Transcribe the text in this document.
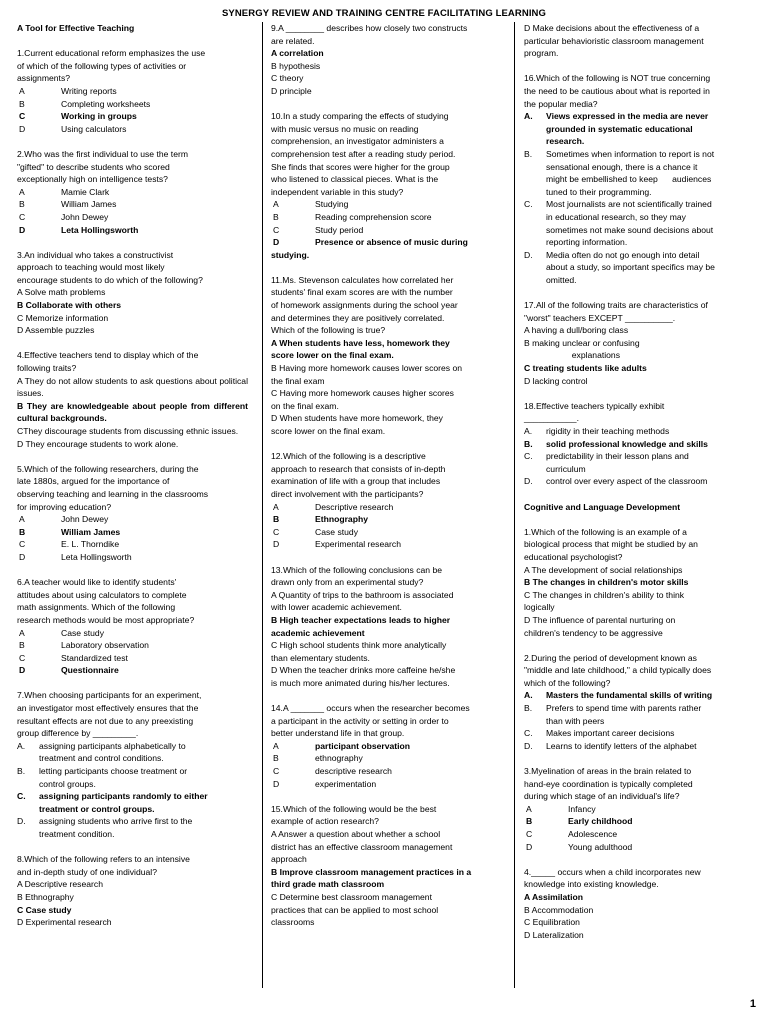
SYNERGY REVIEW AND TRAINING CENTRE FACILITATING LEARNING
A Tool for Effective Teaching
1.Current educational reform emphasizes the use
of which of the following types of activities or
assignments?
A	Writing reports
B	Completing worksheets
C	Working in groups
D	Using calculators
2.Who was the first individual to use the term
"gifted" to describe students who scored
exceptionally high on intelligence tests?
A	Mamie Clark
B	William James
C	John Dewey
D	Leta Hollingsworth
3.An individual who takes a constructivist
approach to teaching would most likely
encourage students to do which of the following?
A Solve math problems
B Collaborate with others
C Memorize information
D Assemble puzzles
4.Effective teachers tend to display which of the
following traits?
A They do not allow students to ask questions about political issues.
B They are knowledgeable about people from different cultural backgrounds.
CThey discourage students from discussing ethnic issues.
D They encourage students to work alone.
5.Which of the following researchers, during the
late 1880s, argued for the importance of
observing teaching and learning in the classrooms
for improving education?
A	John Dewey
B	William James
C	E. L. Thorndike
D	Leta Hollingsworth
6.A teacher would like to identify students'
attitudes about using calculators to complete
math assignments. Which of the following
research methods would be most appropriate?
A	Case study
B	Laboratory observation
C	Standardized test
D	Questionnaire
7.When choosing participants for an experiment,
an investigator most effectively ensures that the
resultant effects are not due to any preexisting
group difference by _________.
A.	assigning participants alphabetically to
treatment and control conditions.
B.	letting participants choose treatment or
control groups.
C.	assigning participants randomly to either
treatment or control groups.
D.	assigning students who arrive first to the
treatment condition.
8.Which of the following refers to an intensive
and in-depth study of one individual?
A Descriptive research
B Ethnography
C Case study
D Experimental research
9.A ________ describes how closely two constructs
are related.
A correlation
B hypothesis
C theory
D principle
10.In a study comparing the effects of studying
with music versus no music on reading
comprehension, an investigator administers a
comprehension test after a reading study period.
She finds that scores were higher for the group
who listened to classical pieces. What is the
independent variable in this study?
A	Studying
B	Reading comprehension score
C	Study period
D	Presence or absence of music during
studying.
11.Ms. Stevenson calculates how correlated her
students' final exam scores are with the number
of homework assignments during the school year
and determines they are positively correlated.
Which of the following is true?
A When students have less, homework they
score lower on the final exam.
B Having more homework causes lower scores on
the final exam
C Having more homework causes higher scores
on the final exam.
D When students have more homework, they
score lower on the final exam.
12.Which of the following is a descriptive
approach to research that consists of in-depth
examination of life with a group that includes
direct involvement with the participants?
A	Descriptive research
B	Ethnography
C	Case study
D	Experimental research
13.Which of the following conclusions can be
drawn only from an experimental study?
A Quantity of trips to the bathroom is associated
with lower academic achievement.
B High teacher expectations leads to higher
academic achievement
C High school students think more analytically
than elementary students.
D When the teacher drinks more caffeine he/she
is much more animated during his/her lectures.
14.A _______ occurs when the researcher becomes
a participant in the activity or setting in order to
better understand life in that group.
A	participant observation
B	ethnography
C	descriptive research
D	experimentation
15.Which of the following would be the best
example of action research?
A Answer a question about whether a school
district has an effective classroom management
approach
B Improve classroom management practices in a
third grade math classroom
C Determine best classroom management
practices that can be applied to most school
classrooms
D Make decisions about the effectiveness of a
particular behavioristic classroom management
program.
16.Which of the following is NOT true concerning
the need to be cautious about what is reported in
the popular media?
A.	Views expressed in the media are never
grounded in systematic educational
research.
B.	Sometimes when information to report is not
sensational enough, there is a chance it
might be embellished to keep      audiences
tuned to their programming.
C.	Most journalists are not scientifically trained
in educational research, so they may
sometimes not make sound decisions about
reporting information.
D.	Media often do not go enough into detail
about a study, so important specifics may be
omitted.
17.All of the following traits are characteristics of
"worst" teachers EXCEPT __________.
A having a dull/boring class
B making unclear or confusing
explanations
C treating students like adults
D lacking control
18.Effective teachers typically exhibit
___________.
A.	rigidity in their teaching methods
B.	solid professional knowledge and skills
C.	predictability in their lesson plans and
curriculum
D.	control over every aspect of the classroom
Cognitive and Language Development
1.Which of the following is an example of a
biological process that might be studied by an
educational psychologist?
A The development of social relationships
B The changes in children's motor skills
C The changes in children's ability to think
logically
D The influence of parental nurturing on
children's tendency to be aggressive
2.During the period of development known as
"middle and late childhood," a child typically does
which of the following?
A.	Masters the fundamental skills of writing
B.	Prefers to spend time with parents rather
than with peers
C.	Makes important career decisions
D.	Learns to identify letters of the alphabet
3.Myelination of areas in the brain related to
hand-eye coordination is typically completed
during which stage of an individual's life?
A	Infancy
B	Early childhood
C	Adolescence
D	Young adulthood
4._____ occurs when a child incorporates new
knowledge into existing knowledge.
A Assimilation
B Accommodation
C Equilibration
D Lateralization
1
